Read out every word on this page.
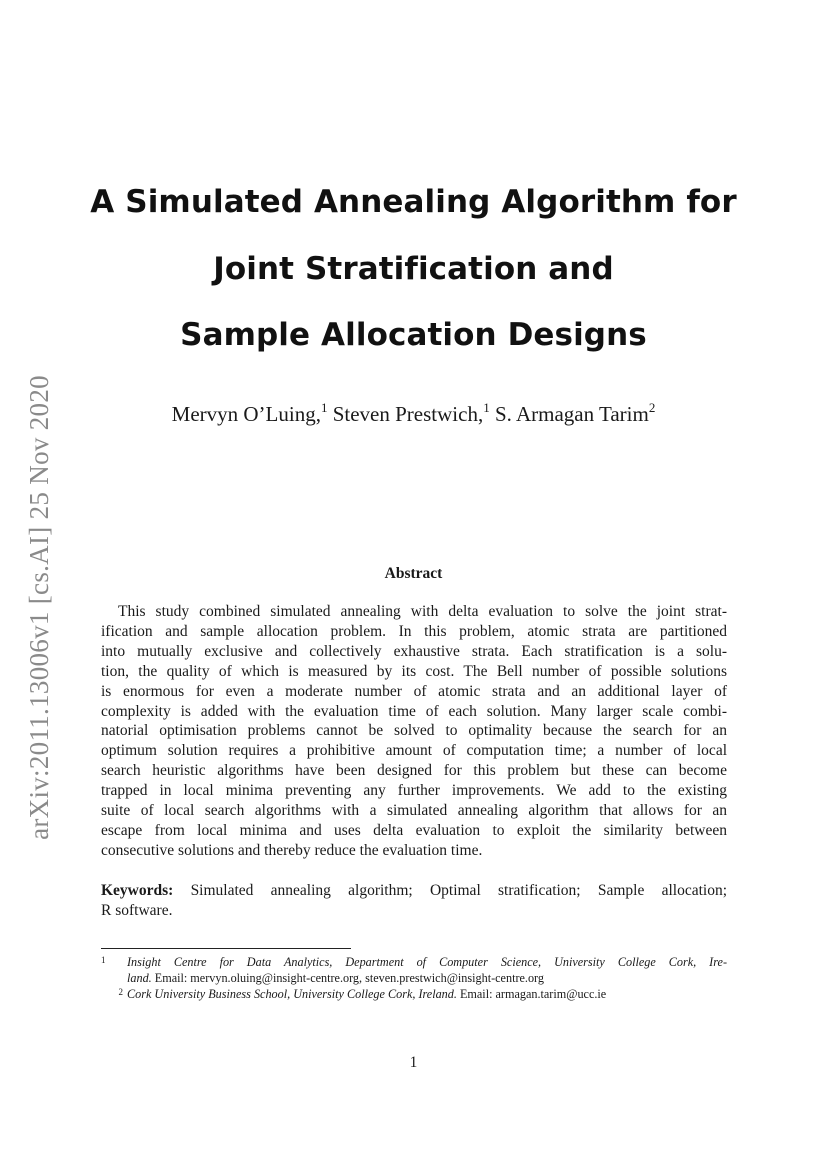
arXiv:2011.13006v1 [cs.AI] 25 Nov 2020
A Simulated Annealing Algorithm for
Joint Stratification and
Sample Allocation Designs
Mervyn O’Luing,$^1$ Steven Prestwich,$^1$ S. Armagan Tarim$^2$
Abstract
This study combined simulated annealing with delta evaluation to solve the joint strat-
ification and sample allocation problem. In this problem, atomic strata are partitioned
into mutually exclusive and collectively exhaustive strata. Each stratification is a solu-
tion, the quality of which is measured by its cost. The Bell number of possible solutions
is enormous for even a moderate number of atomic strata and an additional layer of
complexity is added with the evaluation time of each solution. Many larger scale combi-
natorial optimisation problems cannot be solved to optimality because the search for an
optimum solution requires a prohibitive amount of computation time; a number of local
search heuristic algorithms have been designed for this problem but these can become
trapped in local minima preventing any further improvements. We add to the existing
suite of local search algorithms with a simulated annealing algorithm that allows for an
escape from local minima and uses delta evaluation to exploit the similarity between
consecutive solutions and thereby reduce the evaluation time.
Keywords: Simulated annealing algorithm; Optimal stratification; Sample allocation;
R software.
1 Insight Centre for Data Analytics, Department of Computer Science, University College Cork, Ire-
land. Email: mervyn.oluing@insight-centre.org, steven.prestwich@insight-centre.org
2 Cork University Business School, University College Cork, Ireland. Email: armagan.tarim@ucc.ie
1
